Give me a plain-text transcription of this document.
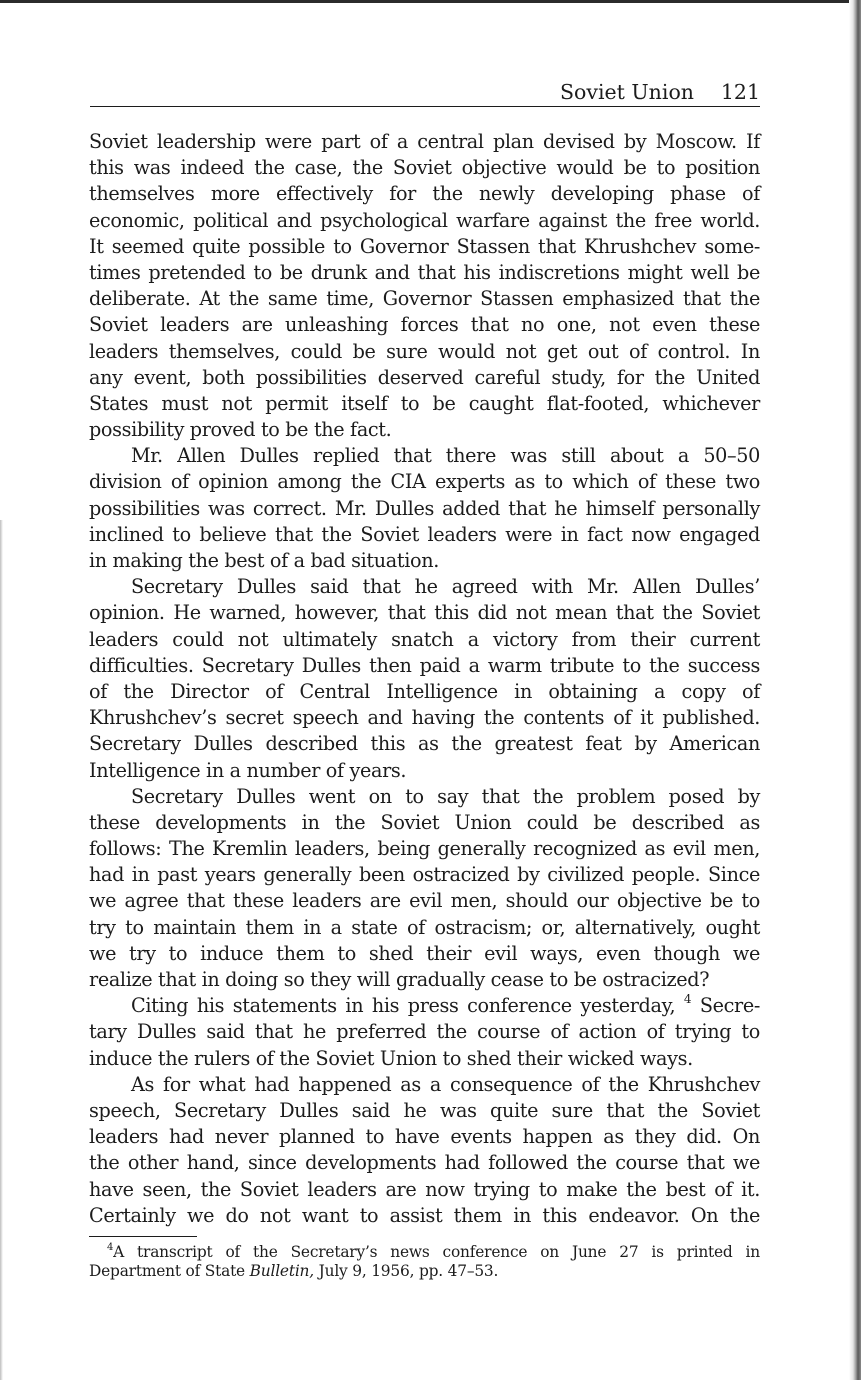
Soviet Union 121
Soviet leadership were part of a central plan devised by Moscow. If
this was indeed the case, the Soviet objective would be to position
themselves more effectively for the newly developing phase of
economic, political and psychological warfare against the free world.
It seemed quite possible to Governor Stassen that Khrushchev some-
times pretended to be drunk and that his indiscretions might well be
deliberate. At the same time, Governor Stassen emphasized that the
Soviet leaders are unleashing forces that no one, not even these
leaders themselves, could be sure would not get out of control. In
any event, both possibilities deserved careful study, for the United
States must not permit itself to be caught flat-footed, whichever
possibility proved to be the fact.
Mr. Allen Dulles replied that there was still about a 50–50
division of opinion among the CIA experts as to which of these two
possibilities was correct. Mr. Dulles added that he himself personally
inclined to believe that the Soviet leaders were in fact now engaged
in making the best of a bad situation.
Secretary Dulles said that he agreed with Mr. Allen Dulles’
opinion. He warned, however, that this did not mean that the Soviet
leaders could not ultimately snatch a victory from their current
difficulties. Secretary Dulles then paid a warm tribute to the success
of the Director of Central Intelligence in obtaining a copy of
Khrushchev’s secret speech and having the contents of it published.
Secretary Dulles described this as the greatest feat by American
Intelligence in a number of years.
Secretary Dulles went on to say that the problem posed by
these developments in the Soviet Union could be described as
follows: The Kremlin leaders, being generally recognized as evil men,
had in past years generally been ostracized by civilized people. Since
we agree that these leaders are evil men, should our objective be to
try to maintain them in a state of ostracism; or, alternatively, ought
we try to induce them to shed their evil ways, even though we
realize that in doing so they will gradually cease to be ostracized?
Citing his statements in his press conference yesterday, $^4$ Secre-
tary Dulles said that he preferred the course of action of trying to
induce the rulers of the Soviet Union to shed their wicked ways.
As for what had happened as a consequence of the Khrushchev
speech, Secretary Dulles said he was quite sure that the Soviet
leaders had never planned to have events happen as they did. On
the other hand, since developments had followed the course that we
have seen, the Soviet leaders are now trying to make the best of it.
Certainly we do not want to assist them in this endeavor. On the
$^4$A transcript of the Secretary’s news conference on June 27 is printed in
Department of State Bulletin, July 9, 1956, pp. 47–53.
